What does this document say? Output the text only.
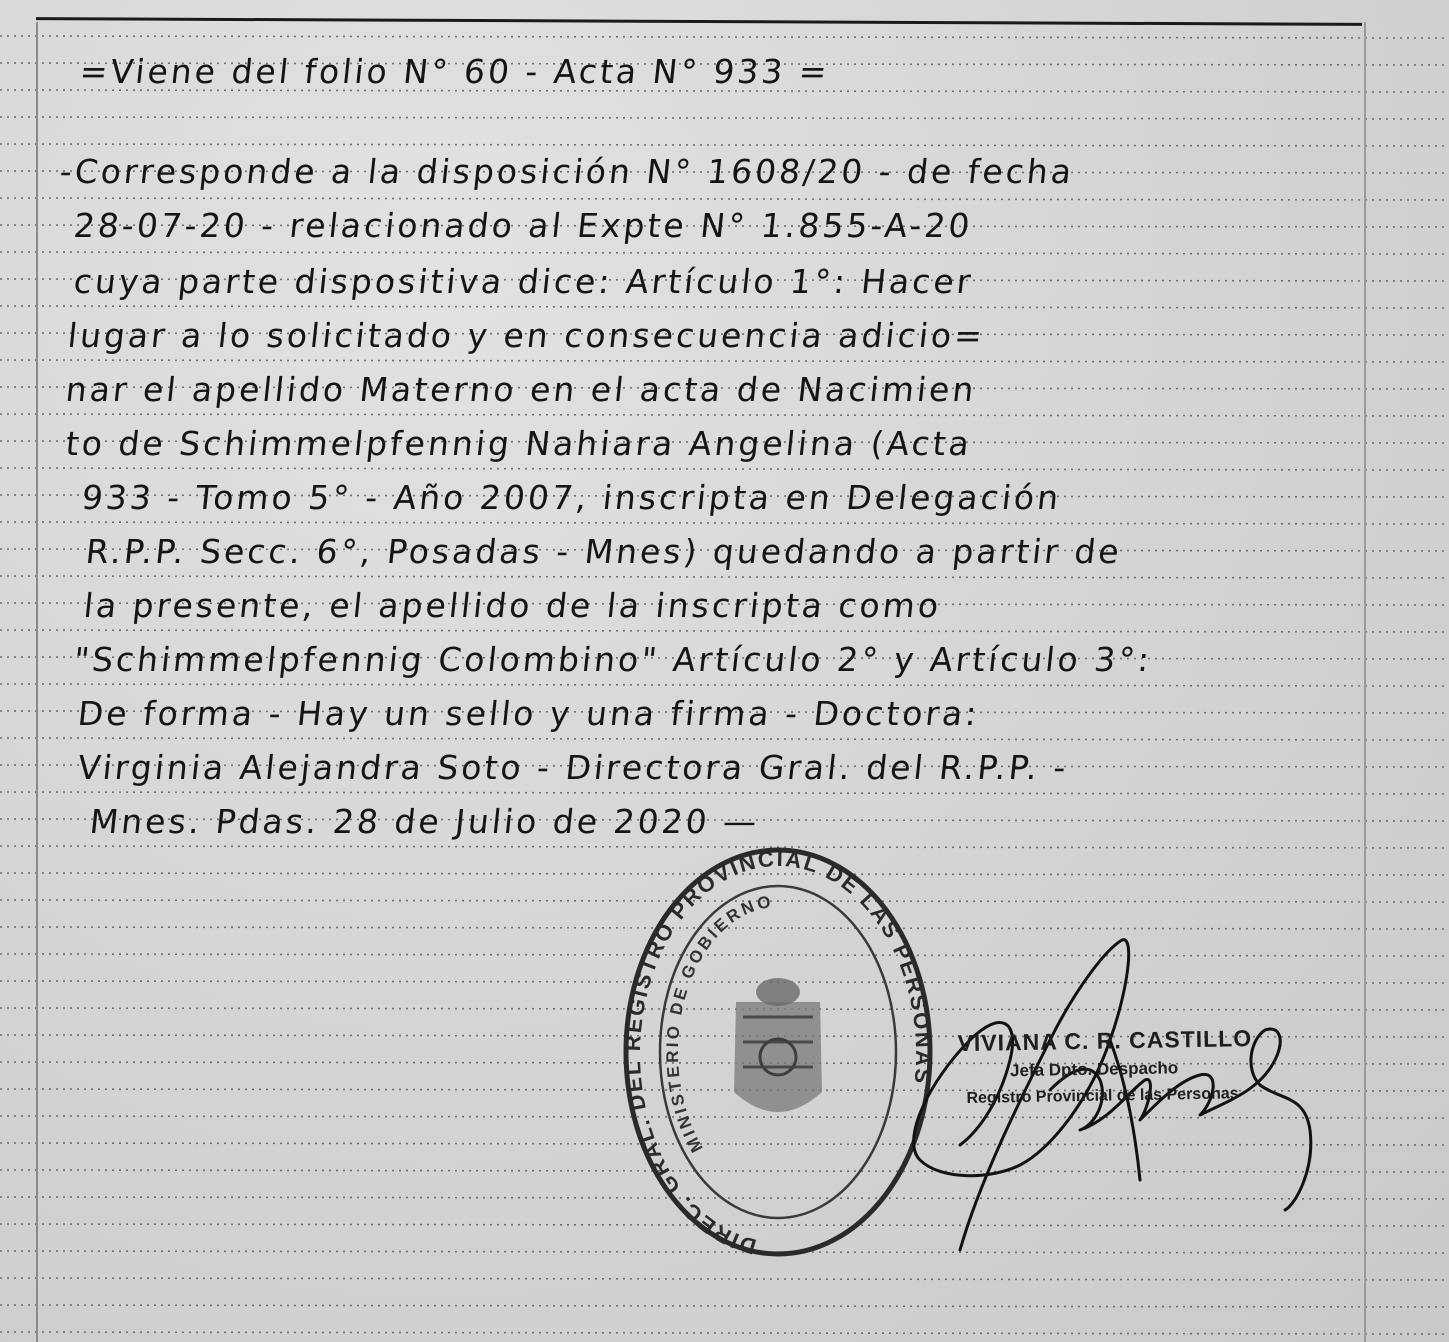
=Viene del folio N° 60 - Acta N° 933 =
-Corresponde a la disposición N° 1608/20 - de fecha
28-07-20 - relacionado al Expte N° 1.855-A-20
cuya parte dispositiva dice: Artículo 1°: Hacer
lugar a lo solicitado y en consecuencia adicio=
nar el apellido Materno en el acta de Nacimien
to de Schimmelpfennig Nahiara Angelina (Acta
933 - Tomo 5° - Año 2007, inscripta en Delegación
R.P.P. Secc. 6°, Posadas - Mnes) quedando a partir de
la presente, el apellido de la inscripta como
"Schimmelpfennig Colombino" Artículo 2° y Artículo 3°:
De forma - Hay un sello y una firma - Doctora:
Virginia Alejandra Soto - Directora Gral. del R.P.P. -
Mnes. Pdas. 28 de Julio de 2020 —
DIREC. GRAL. DEL REGISTRO PROVINCIAL DE LAS PERSONAS
MINISTERIO DE GOBIERNO
VIVIANA C. R. CASTILLO
Jefa Dpto. Despacho
Registro Provincial de las Personas
